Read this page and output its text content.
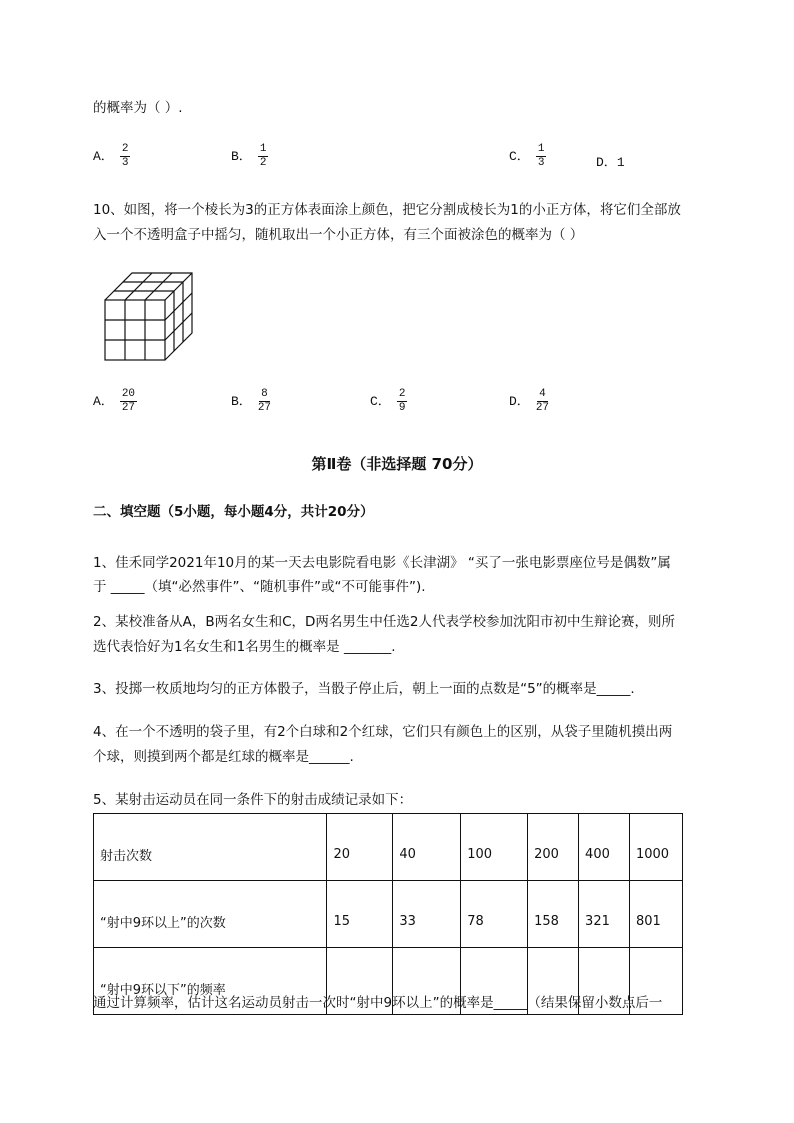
的概率为（ ）.
A． $\frac{2}{3}$	B． $\frac{1}{2}$	C． $\frac{1}{3}$	D．1
10、如图，将一个棱长为3的正方体表面涂上颜色，把它分割成棱长为1的小正方体，将它们全部放
入一个不透明盒子中摇匀，随机取出一个小正方体，有三个面被涂色的概率为（ ）
A． $\frac{20}{27}$	B． $\frac{8}{27}$	C． $\frac{2}{9}$	D． $\frac{4}{27}$
第Ⅱ卷（非选择题 70分）
二、填空题（5小题，每小题4分，共计20分）
1、佳禾同学2021年10月的某一天去电影院看电影《长津湖》 “买了一张电影票座位号是偶数”属
于 _____（填“必然事件”、“随机事件”或“不可能事件”).
2、某校准备从A，B两名女生和C，D两名男生中任选2人代表学校参加沈阳市初中生辩论赛，则所
选代表恰好为1名女生和1名男生的概率是 _______.
3、投掷一枚质地均匀的正方体骰子，当骰子停止后，朝上一面的点数是“5”的概率是_____.
4、在一个不透明的袋子里，有2个白球和2个红球，它们只有颜色上的区别，从袋子里随机摸出两
个球，则摸到两个都是红球的概率是______.
5、某射击运动员在同一条件下的射击成绩记录如下：
射击次数	20	40	100	200	400	1000
“射中9环以上”的次数	15	33	78	158	321	801
“射中9环以下”的频率						
通过计算频率，估计这名运动员射击一次时“射中9环以上”的概率是_____（结果保留小数点后一
